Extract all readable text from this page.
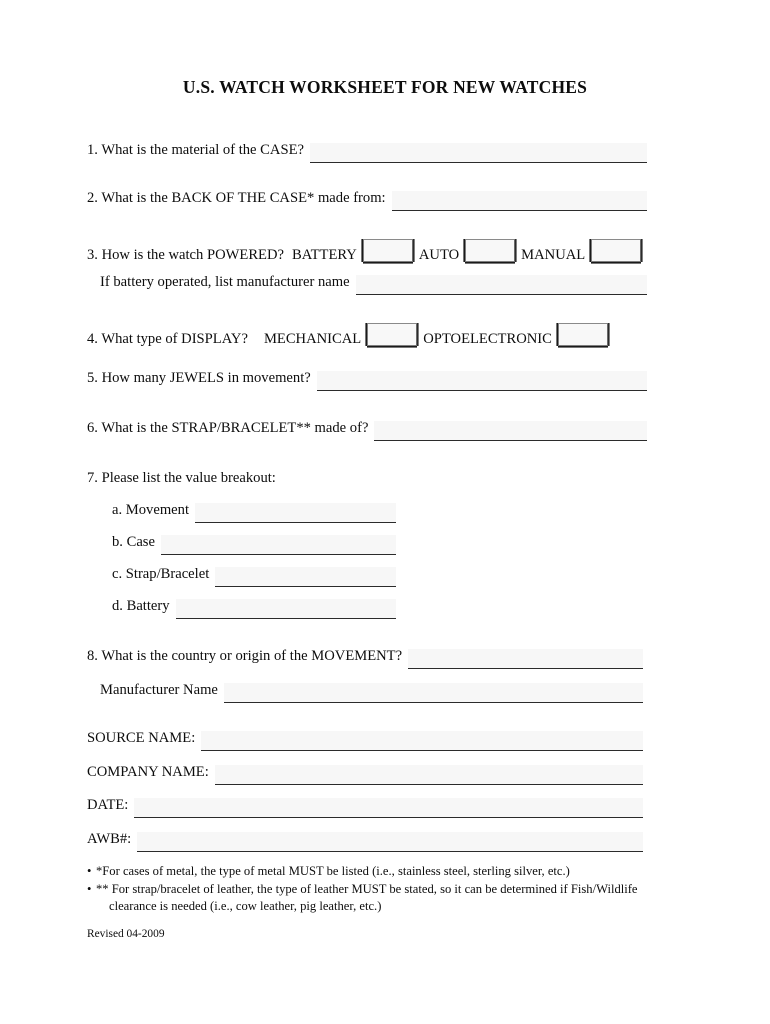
U.S. WATCH WORKSHEET FOR NEW WATCHES
1. What is the material of the CASE?
2. What is the BACK OF THE CASE* made from:
3. How is the watch POWERED? BATTERY	AUTO	MANUAL
If battery operated, list manufacturer name
4. What type of DISPLAY? MECHANICAL	OPTOELECTRONIC
5. How many JEWELS in movement?
6. What is the STRAP/BRACELET** made of?
7. Please list the value breakout:
a. Movement
b. Case
c. Strap/Bracelet
d. Battery
8. What is the country or origin of the MOVEMENT?
Manufacturer Name
SOURCE NAME:
COMPANY NAME:
DATE:
AWB#:
• *For cases of metal, the type of metal MUST be listed (i.e., stainless steel, sterling silver, etc.)
• ** For strap/bracelet of leather, the type of leather MUST be stated, so it can be determined if Fish/Wildlife
clearance is needed (i.e., cow leather, pig leather, etc.)
Revised 04-2009
